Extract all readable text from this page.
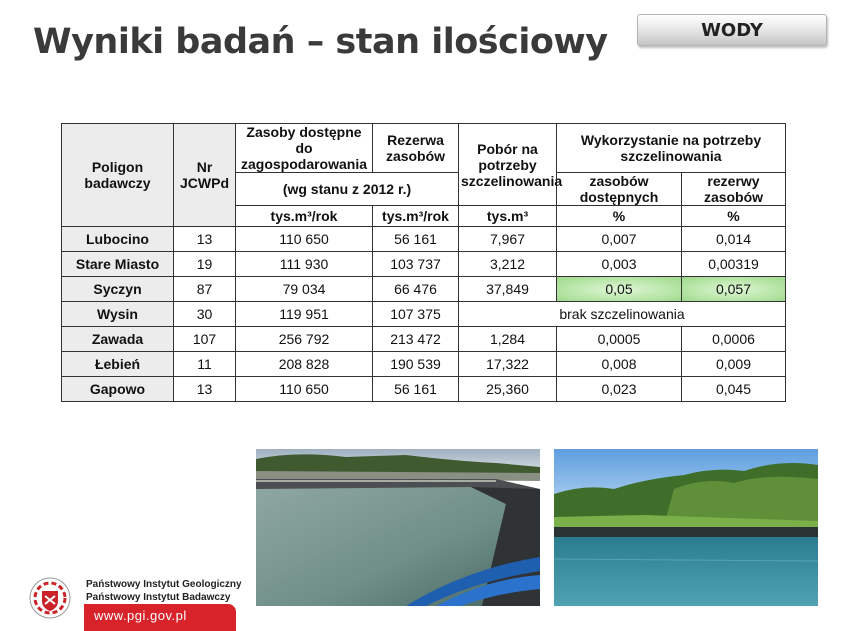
Wyniki badań – stan ilościowy	WODY
Poligon badawczy	Nr JCWPd	Zasoby dostępne do zagospodarowania	Rezerwa zasobów	Pobór na potrzeby szczelinowania	Wykorzystanie na potrzeby szczelinowania	
		(wg stanu z 2012 r.)			zasobów dostępnych	rezerwy zasobów
		tys.m³/rok	tys.m³/rok	tys.m³	%	%
Lubocino	13	110 650	56 161	7,967	0,007	0,014
Stare Miasto	19	111 930	103 737	3,212	0,003	0,00319
Syczyn	87	79 034	66 476	37,849	0,05	0,057
Wysin	30	119 951	107 375	brak szczelinowania		
Zawada	107	256 792	213 472	1,284	0,0005	0,0006
Łebień	11	208 828	190 539	17,322	0,008	0,009
Gapowo	13	110 650	56 161	25,360	0,023	0,045
Państwowy Instytut Geologiczny
Państwowy Instytut Badawczy
www.pgi.gov.pl
